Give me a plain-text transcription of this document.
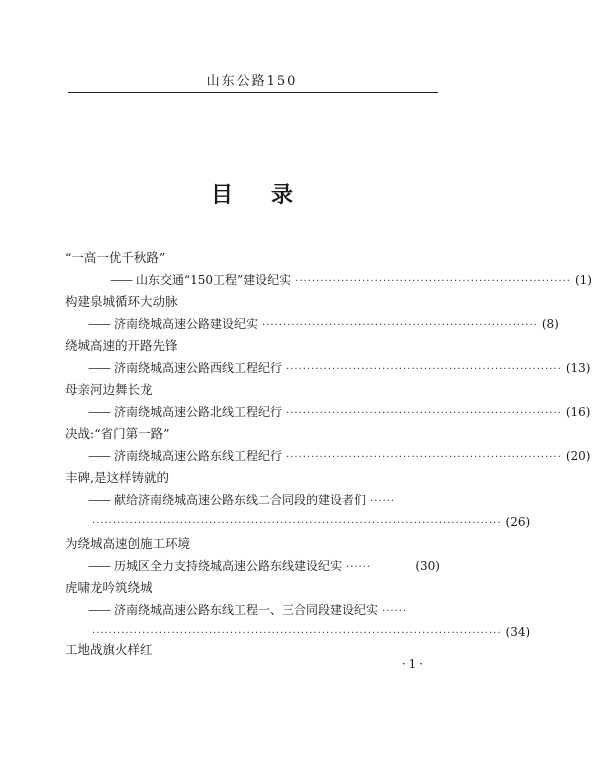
山东公路150
目录
“一高一优千秋路”
—— 山东交通“150工程”建设纪实 ·································································· (1)
构建泉城循环大动脉
—— 济南绕城高速公路建设纪实 ·································································· (8)
绕城高速的开路先锋
—— 济南绕城高速公路西线工程纪行 ·································································· (13)
母亲河边舞长龙
—— 济南绕城高速公路北线工程纪行 ·································································· (16)
决战:“省门第一路”
—— 济南绕城高速公路东线工程纪行 ·································································· (20)
丰碑,是这样铸就的
—— 献给济南绕城高速公路东线二合同段的建设者们 ······
·································································································· (26)
为绕城高速创施工环境
—— 历城区全力支持绕城高速公路东线建设纪实 ······	(30)
虎啸龙吟筑绕城
—— 济南绕城高速公路东线工程一、三合同段建设纪实 ······
·································································································· (34)
工地战旗火样红
·1·
